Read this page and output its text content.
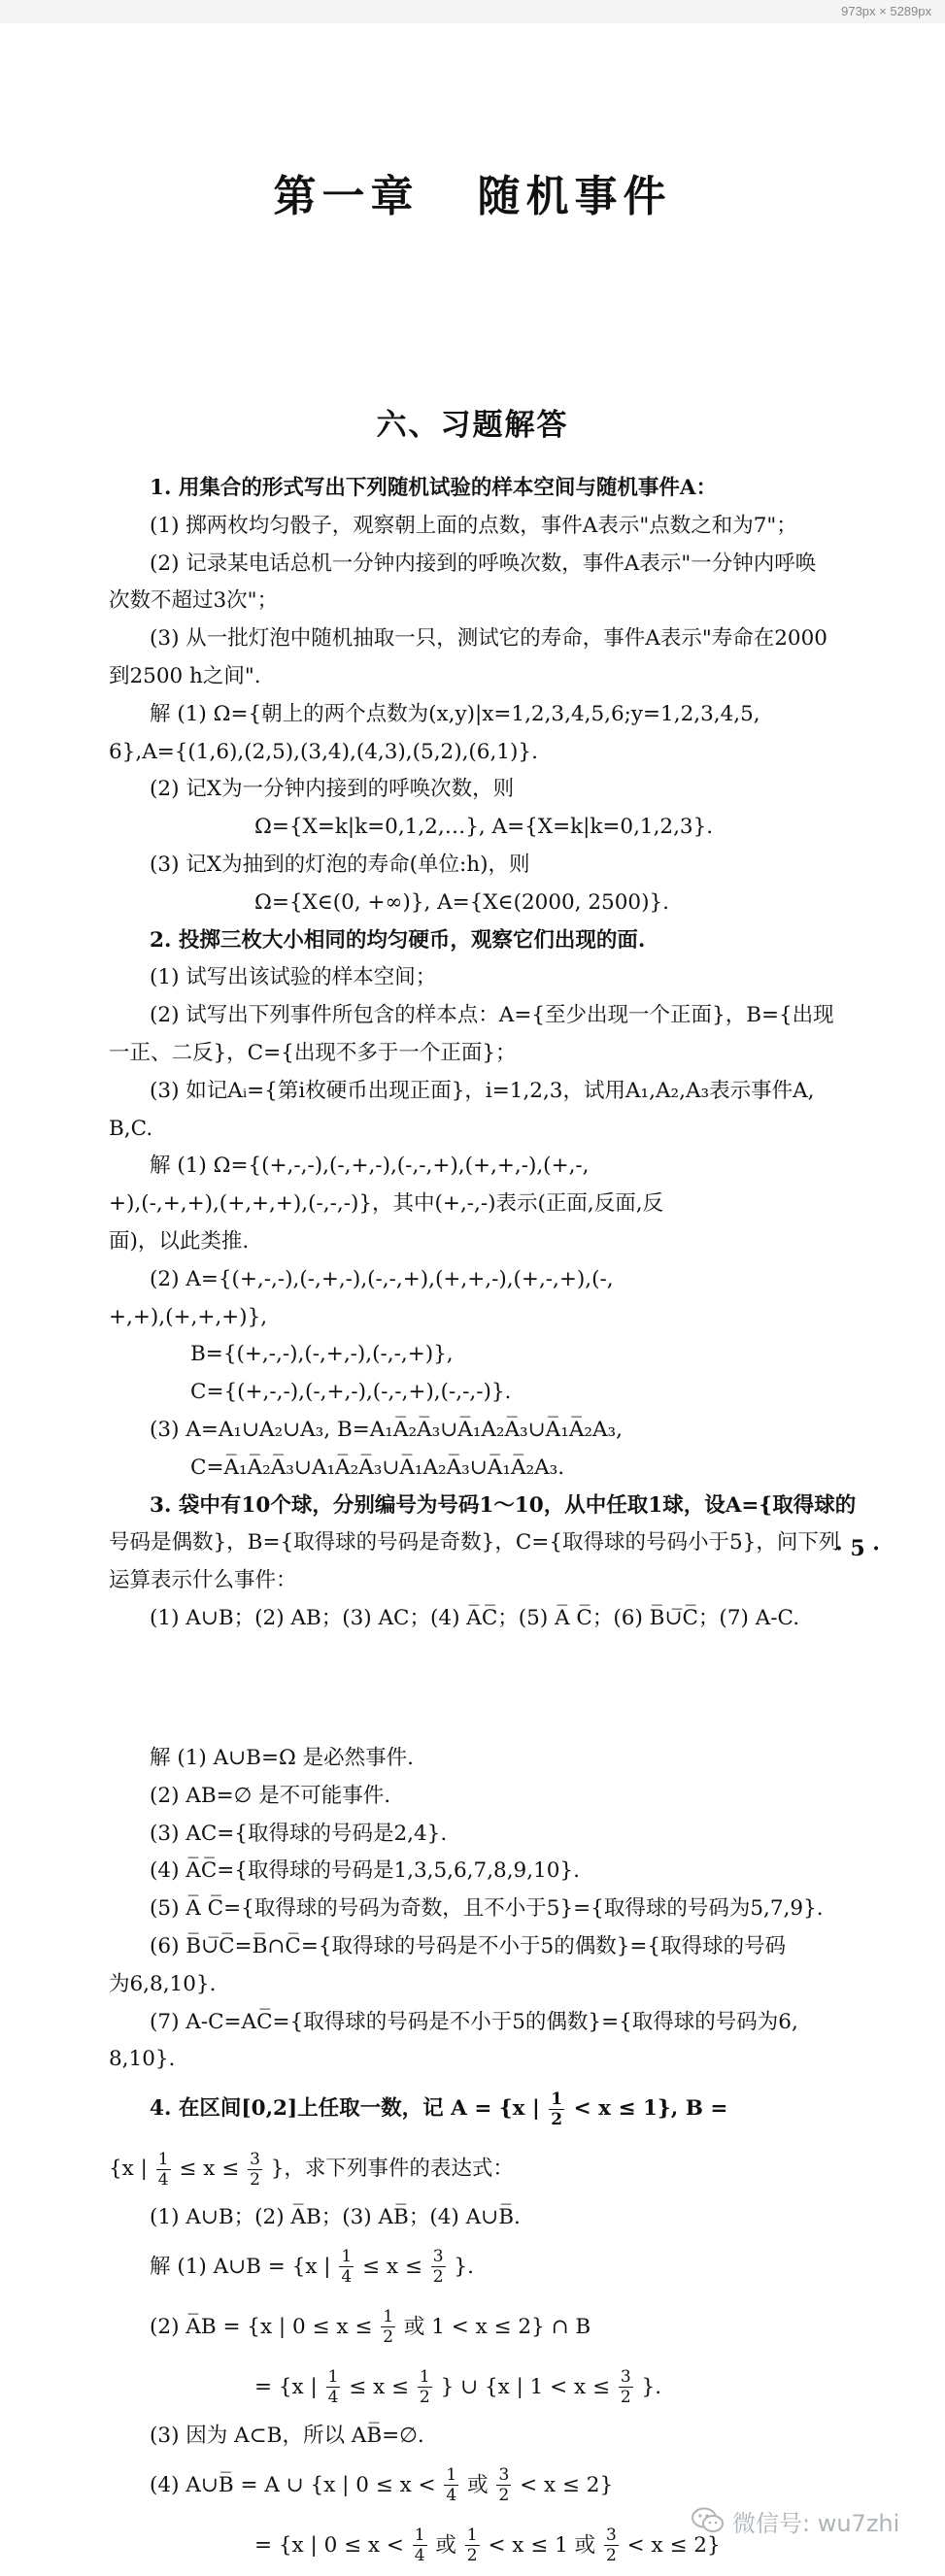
973px × 5289px
第一章 随机事件
六、习题解答
1. 用集合的形式写出下列随机试验的样本空间与随机事件A：
(1) 掷两枚均匀骰子，观察朝上面的点数，事件A表示"点数之和为7"；
(2) 记录某电话总机一分钟内接到的呼唤次数，事件A表示"一分钟内呼唤
次数不超过3次"；
(3) 从一批灯泡中随机抽取一只，测试它的寿命，事件A表示"寿命在2000
到2500 h之间".
解 (1) Ω={朝上的两个点数为(x,y)|x=1,2,3,4,5,6;y=1,2,3,4,5,
6},A={(1,6),(2,5),(3,4),(4,3),(5,2),(6,1)}.
(2) 记X为一分钟内接到的呼唤次数，则
Ω={X=k|k=0,1,2,…}, A={X=k|k=0,1,2,3}.
(3) 记X为抽到的灯泡的寿命(单位:h)，则
Ω={X∈(0, +∞)}, A={X∈(2000, 2500)}.
2. 投掷三枚大小相同的均匀硬币，观察它们出现的面.
(1) 试写出该试验的样本空间；
(2) 试写出下列事件所包含的样本点：A={至少出现一个正面}，B={出现
一正、二反}，C={出现不多于一个正面}；
(3) 如记Aᵢ={第i枚硬币出现正面}，i=1,2,3，试用A₁,A₂,A₃表示事件A,
B,C.
解 (1) Ω={(+,-,-),(-,+,-),(-,-,+),(+,+,-),(+,-,
+),(-,+,+),(+,+,+),(-,-,-)}，其中(+,-,-)表示(正面,反面,反
面)，以此类推.
(2) A={(+,-,-),(-,+,-),(-,-,+),(+,+,-),(+,-,+),(-,
+,+),(+,+,+)},
B={(+,-,-),(-,+,-),(-,-,+)},
C={(+,-,-),(-,+,-),(-,-,+),(-,-,-)}.
(3) A=A₁∪A₂∪A₃, B=A₁A̅₂A̅₃∪A̅₁A₂A̅₃∪A̅₁A̅₂A₃,
C=A̅₁A̅₂A̅₃∪A₁A̅₂A̅₃∪A̅₁A₂A̅₃∪A̅₁A̅₂A₃.
3. 袋中有10个球，分别编号为号码1～10，从中任取1球，设A={取得球的
号码是偶数}，B={取得球的号码是奇数}，C={取得球的号码小于5}，问下列
运算表示什么事件：
(1) A∪B；(2) AB；(3) AC；(4) A̅C̅；(5) A̅ C̅；(6) B̅∪̅C̅；(7) A-C.
· 5 ·
解 (1) A∪B=Ω 是必然事件.
(2) AB=∅ 是不可能事件.
(3) AC={取得球的号码是2,4}.
(4) A̅C̅={取得球的号码是1,3,5,6,7,8,9,10}.
(5) A̅ C̅={取得球的号码为奇数，且不小于5}={取得球的号码为5,7,9}.
(6) B̅∪̅C̅=B̅∩C̅={取得球的号码是不小于5的偶数}={取得球的号码
为6,8,10}.
(7) A-C=AC̅={取得球的号码是不小于5的偶数}={取得球的号码为6,
8,10}.
4. 在区间[0,2]上任取一数，记 A = {x | $\frac{1}{2} < x \le 1$}, B =
{x | $\frac{1}{4} \le x \le \frac{3}{2}$ }，求下列事件的表达式：
(1) A∪B；(2) A̅B；(3) AB̅；(4) A∪B̅.
解 (1) A∪B = {x | $\frac{1}{4} \le x \le \frac{3}{2}$ }.
(2) A̅B = {x | $0 \le x \le \frac{1}{2}$ 或 1 < x ≤ 2} ∩ B
= {x | $\frac{1}{4} \le x \le \frac{1}{2}$ } ∪ {x | $1 < x \le \frac{3}{2}$ }.
(3) 因为 A⊂B，所以 AB̅=∅.
(4) A∪B̅ = A ∪ {x | $0 \le x < \frac{1}{4}$ 或 $\frac{3}{2} < x \le 2$}
= {x | $0 \le x < \frac{1}{4}$ 或 $\frac{1}{2} < x \le 1$ 或 $\frac{3}{2} < x \le 2$}
微信号: wu7zhi
